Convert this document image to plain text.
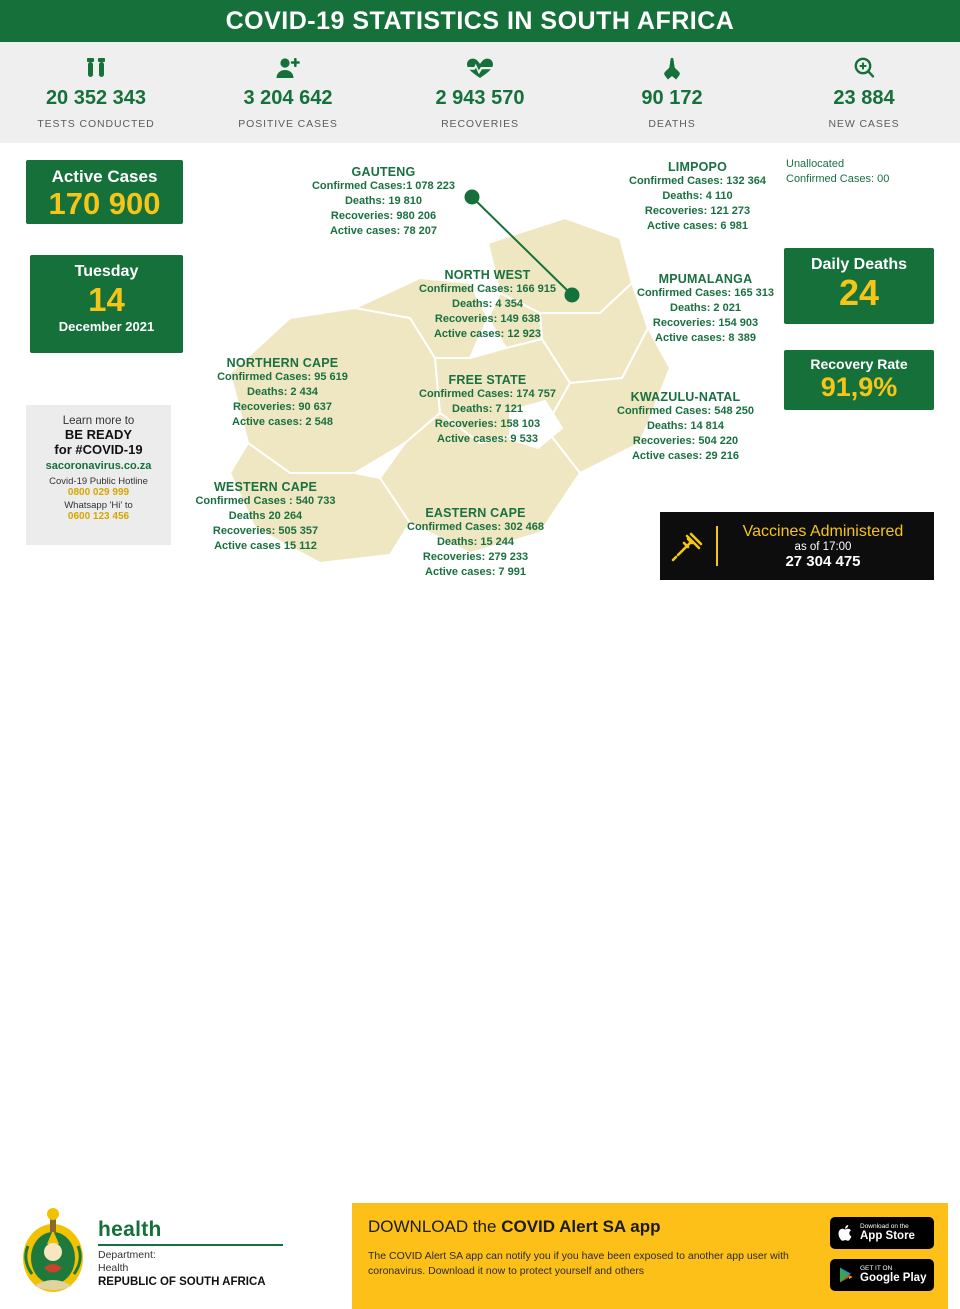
COVID-19 STATISTICS IN SOUTH AFRICA
20 352 343
TESTS CONDUCTED
3 204 642
POSITIVE CASES
2 943 570
RECOVERIES
90 172
DEATHS
23 884
NEW CASES
GAUTENG
Confirmed Cases:1 078 223
Deaths: 19 810
Recoveries: 980 206
Active cases: 78 207
LIMPOPO
Confirmed Cases: 132 364
Deaths: 4 110
Recoveries: 121 273
Active cases: 6 981
NORTH WEST
Confirmed Cases: 166 915
Deaths: 4 354
Recoveries: 149 638
Active cases: 12 923
MPUMALANGA
Confirmed Cases: 165 313
Deaths: 2 021
Recoveries: 154 903
Active cases: 8 389
NORTHERN CAPE
Confirmed Cases: 95 619
Deaths: 2 434
Recoveries: 90 637
Active cases: 2 548
FREE STATE
Confirmed Cases: 174 757
Deaths: 7 121
Recoveries: 158 103
Active cases: 9 533
KWAZULU-NATAL
Confirmed Cases: 548 250
Deaths: 14 814
Recoveries: 504 220
Active cases: 29 216
WESTERN CAPE
Confirmed Cases : 540 733
Deaths 20 264
Recoveries: 505 357
Active cases 15 112
EASTERN CAPE
Confirmed Cases: 302 468
Deaths: 15 244
Recoveries: 279 233
Active cases: 7 991
Unallocated
Confirmed Cases: 00
Active Cases
170 900
Tuesday
14
December 2021
Daily Deaths
24
Recovery Rate
91,9%
Learn more to
BE READY
for #COVID-19
sacoronavirus.co.za
Covid-19 Public Hotline
0800 029 999
Whatsapp 'Hi' to
0600 123 456
Vaccines Administered
as of 17:00
27 304 475
health
Department:
Health
REPUBLIC OF SOUTH AFRICA
DOWNLOAD the COVID Alert SA app
The COVID Alert SA app can notify you if you have been exposed to another app user with coronavirus. Download it now to protect yourself and others
Download on the
App Store
GET IT ON
Google Play
